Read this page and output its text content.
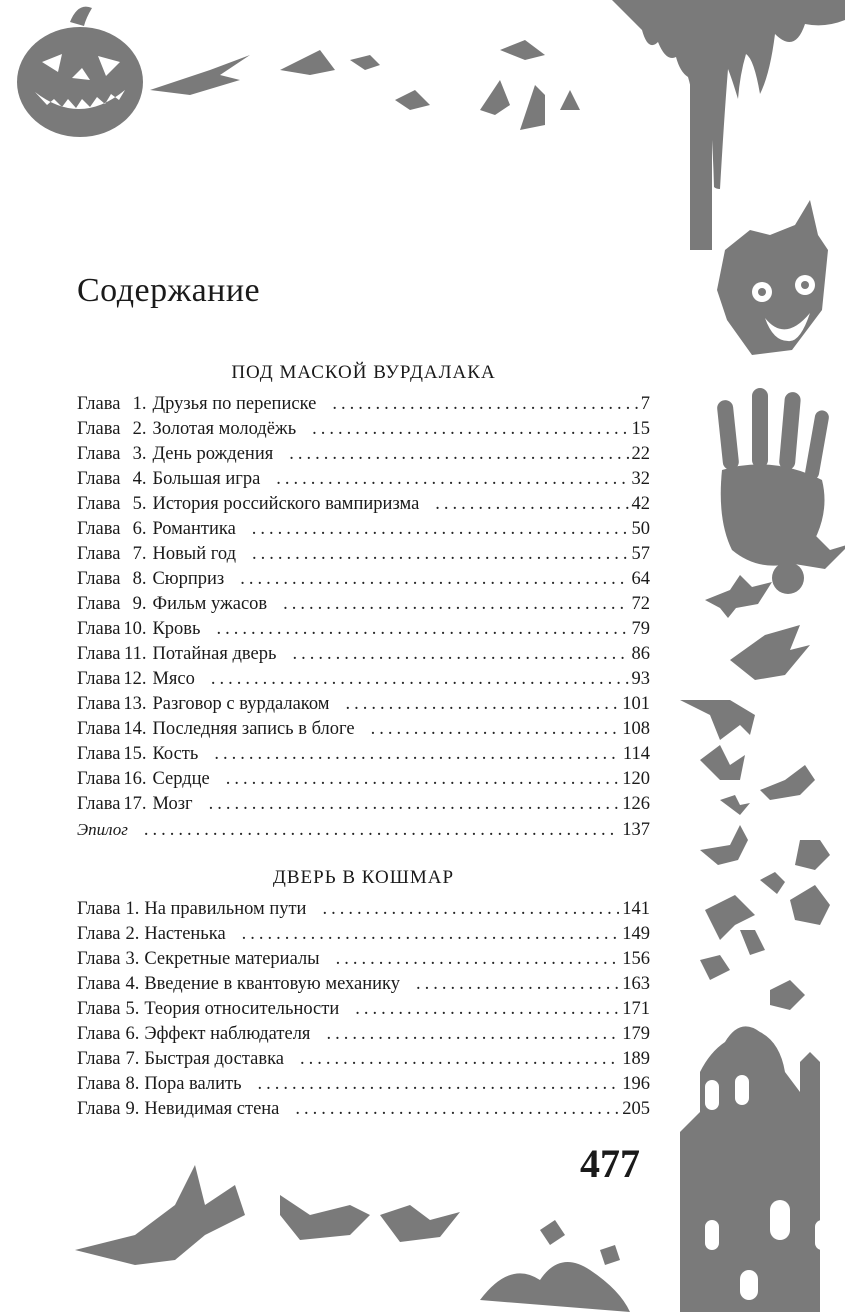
Содержание
ПОД МАСКОЙ ВУРДАЛАКА
Глава 1. Друзья по переписке .....	7
Глава 2. Золотая молодёжь .....	15
Глава 3. День рождения .....	22
Глава 4. Большая игра .....	32
Глава 5. История российского вампиризма .....	42
Глава 6. Романтика .....	50
Глава 7. Новый год .....	57
Глава 8. Сюрприз .....	64
Глава 9. Фильм ужасов .....	72
Глава 10. Кровь .....	79
Глава 11. Потайная дверь .....	86
Глава 12. Мясо .....	93
Глава 13. Разговор с вурдалаком .....	101
Глава 14. Последняя запись в блоге .....	108
Глава 15. Кость .....	114
Глава 16. Сердце .....	120
Глава 17. Мозг .....	126
Эпилог .....	137
ДВЕРЬ В КОШМАР
Глава 1. На правильном пути .....	141
Глава 2. Настенька .....	149
Глава 3. Секретные материалы .....	156
Глава 4. Введение в квантовую механику .....	163
Глава 5. Теория относительности .....	171
Глава 6. Эффект наблюдателя .....	179
Глава 7. Быстрая доставка .....	189
Глава 8. Пора валить .....	196
Глава 9. Невидимая стена .....	205
477
